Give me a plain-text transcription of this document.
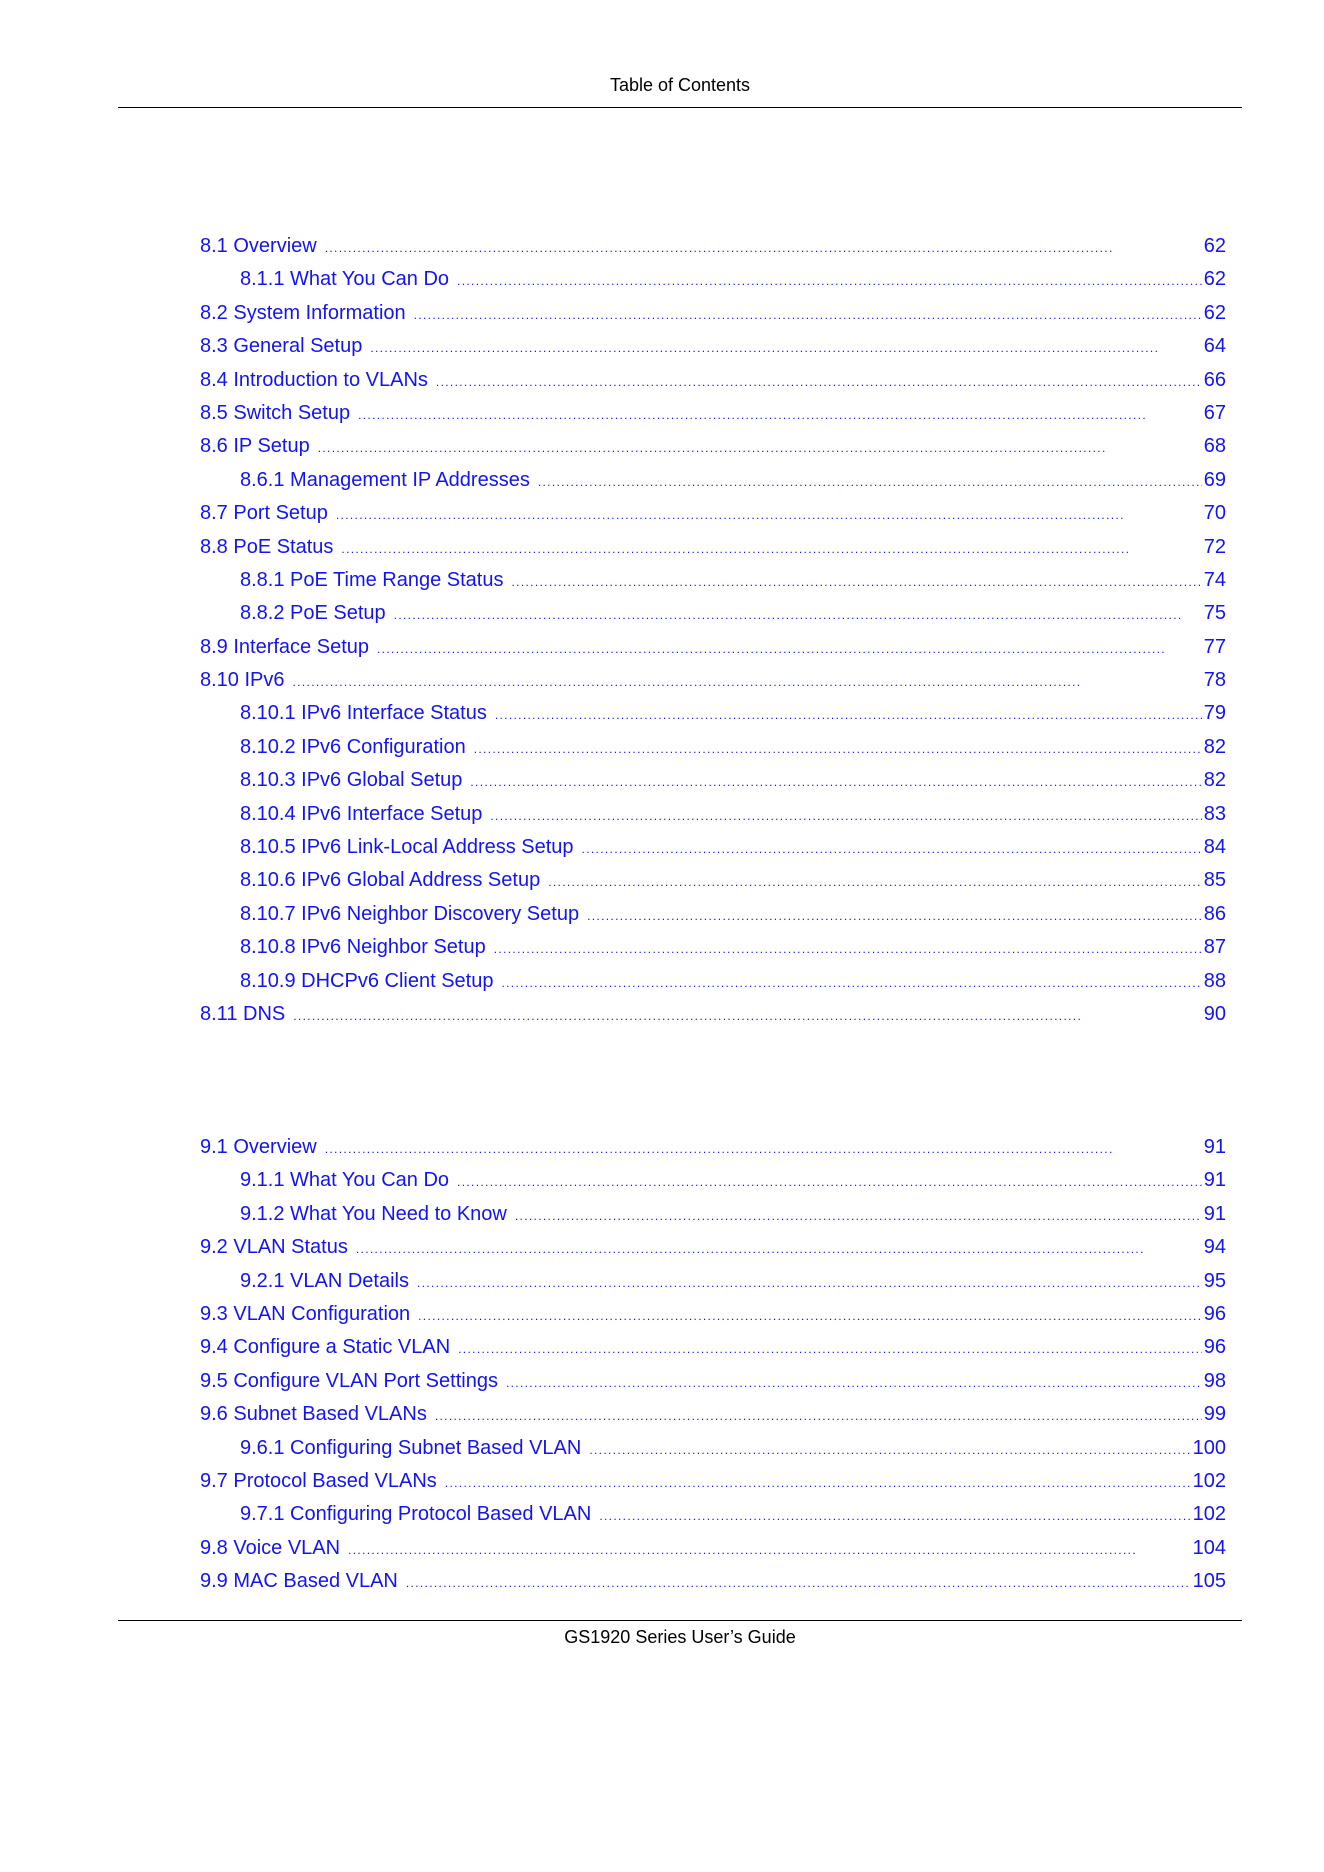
Table of Contents
8.1 Overview . . .	62
8.1.1 What You Can Do . . .	62
8.2 System Information . . .	62
8.3 General Setup . . .	64
8.4 Introduction to VLANs . . .	66
8.5 Switch Setup . . .	67
8.6 IP Setup . . .	68
8.6.1 Management IP Addresses . . .	69
8.7 Port Setup . . .	70
8.8 PoE Status . . .	72
8.8.1 PoE Time Range Status . . .	74
8.8.2 PoE Setup . . .	75
8.9 Interface Setup . . .	77
8.10 IPv6 . . .	78
8.10.1 IPv6 Interface Status . . .	79
8.10.2 IPv6 Configuration . . .	82
8.10.3 IPv6 Global Setup . . .	82
8.10.4 IPv6 Interface Setup . . .	83
8.10.5 IPv6 Link-Local Address Setup . . .	84
8.10.6 IPv6 Global Address Setup . . .	85
8.10.7 IPv6 Neighbor Discovery Setup . . .	86
8.10.8 IPv6 Neighbor Setup . . .	87
8.10.9 DHCPv6 Client Setup . . .	88
8.11 DNS . . .	90
9.1 Overview . . .	91
9.1.1 What You Can Do . . .	91
9.1.2 What You Need to Know . . .	91
9.2 VLAN Status . . .	94
9.2.1 VLAN Details . . .	95
9.3 VLAN Configuration . . .	96
9.4 Configure a Static VLAN . . .	96
9.5 Configure VLAN Port Settings . . .	98
9.6 Subnet Based VLANs . . .	99
9.6.1 Configuring Subnet Based VLAN . . .	100
9.7 Protocol Based VLANs . . .	102
9.7.1 Configuring Protocol Based VLAN . . .	102
9.8 Voice VLAN . . .	104
9.9 MAC Based VLAN . . .	105
GS1920 Series User’s Guide
